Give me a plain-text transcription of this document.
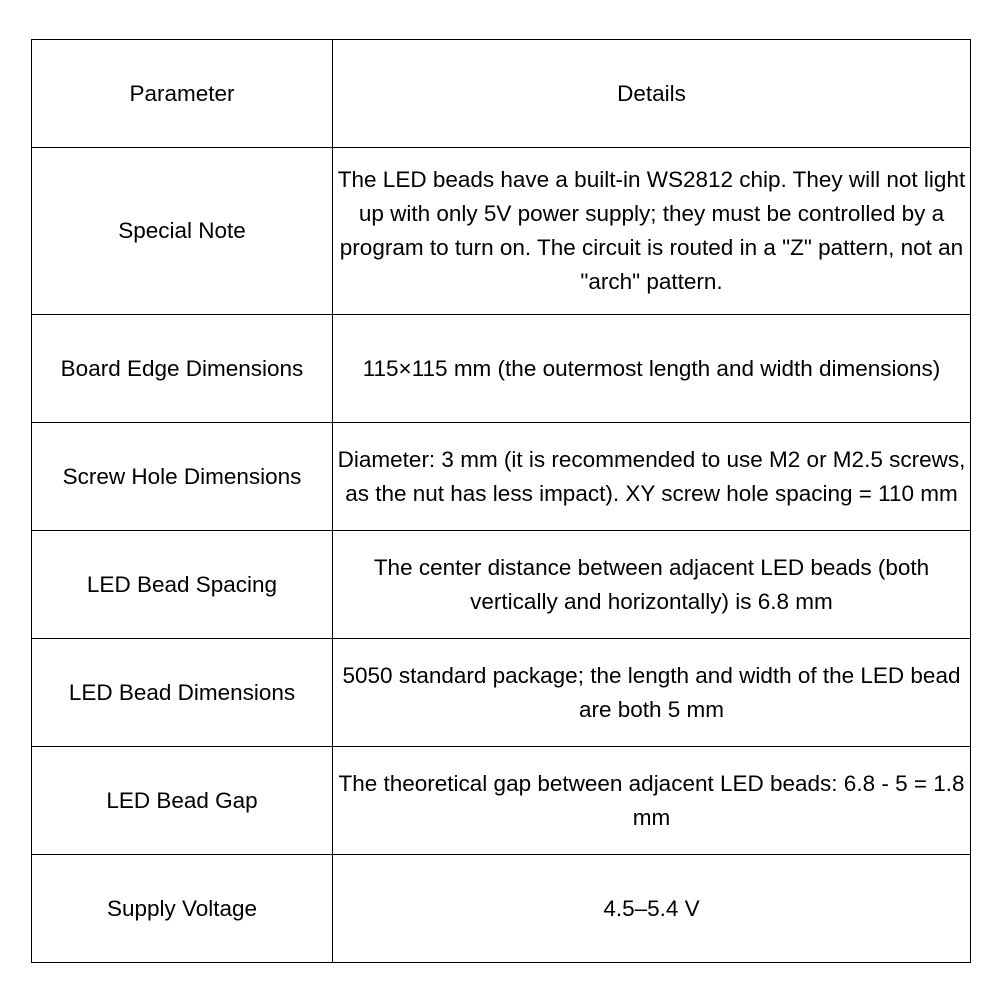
Parameter	Details
Special Note	The LED beads have a built-in WS2812 chip. They will not light up with only 5V power supply; they must be controlled by a program to turn on. The circuit is routed in a "Z" pattern, not an "arch" pattern.
Board Edge Dimensions	115×115 mm (the outermost length and width dimensions)
Screw Hole Dimensions	Diameter: 3 mm (it is recommended to use M2 or M2.5 screws, as the nut has less impact). XY screw hole spacing = 110 mm
LED Bead Spacing	The center distance between adjacent LED beads (both vertically and horizontally) is 6.8 mm
LED Bead Dimensions	5050 standard package; the length and width of the LED bead are both 5 mm
LED Bead Gap	The theoretical gap between adjacent LED beads: 6.8 - 5 = 1.8 mm
Supply Voltage	4.5–5.4 V
